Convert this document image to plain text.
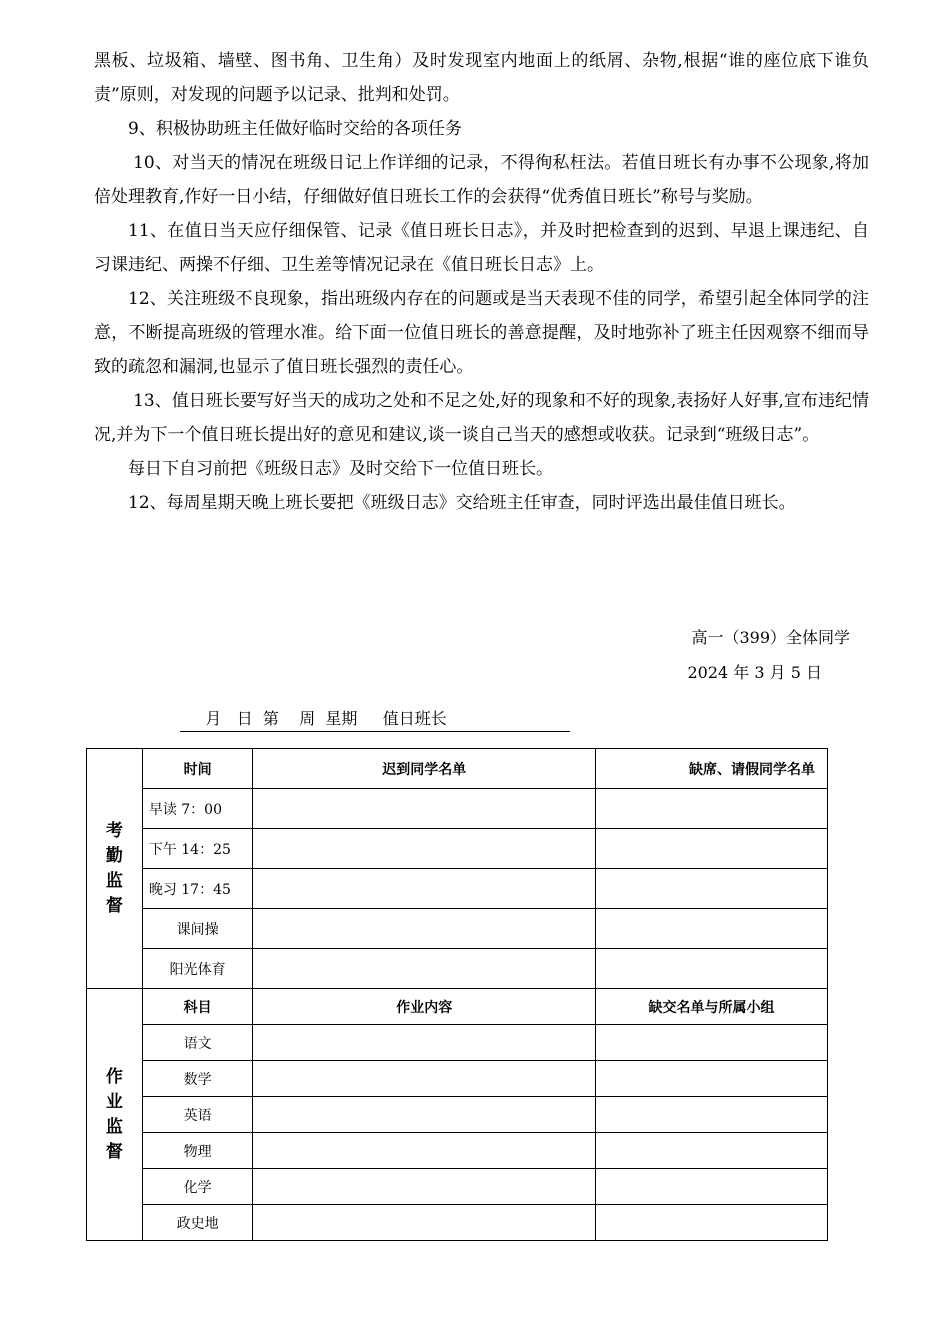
黑板、垃圾箱、墙壁、图书角、卫生角）及时发现室内地面上的纸屑、杂物,根据“谁的座位底下谁负责”原则，对发现的问题予以记录、批判和处罚。

9、积极协助班主任做好临时交给的各项任务

10、对当天的情况在班级日记上作详细的记录，不得徇私枉法。若值日班长有办事不公现象,将加倍处理教育,作好一日小结，仔细做好值日班长工作的会获得“优秀值日班长”称号与奖励。

11、在值日当天应仔细保管、记录《值日班长日志》，并及时把检查到的迟到、早退上课违纪、自习课违纪、两操不仔细、卫生差等情况记录在《值日班长日志》上。

12、关注班级不良现象，指出班级内存在的问题或是当天表现不佳的同学，希望引起全体同学的注意，不断提高班级的管理水准。给下面一位值日班长的善意提醒，及时地弥补了班主任因观察不细而导致的疏忽和漏洞,也显示了值日班长强烈的责任心。

13、值日班长要写好当天的成功之处和不足之处,好的现象和不好的现象,表扬好人好事,宣布违纪情况,并为下一个值日班长提出好的意见和建议,谈一谈自己当天的感想或收获。记录到“班级日志”。

每日下自习前把《班级日志》及时交给下一位值日班长。

12、每周星期天晚上班长要把《班级日志》交给班主任审查，同时评选出最佳值日班长。

高一（399）全体同学
2024 年 3 月 5 日
月   日  第    周  星期     值日班长
考
勤
监
督	时间	迟到同学名单	缺席、请假同学名单
	早读 7：00		
	下午 14：25		
	晚习 17：45		
	课间操		
	阳光体育		

作
业
监
督	科目	作业内容	缺交名单与所属小组
	语文		
	数学		
	英语		
	物理		
	化学		
	政史地		
